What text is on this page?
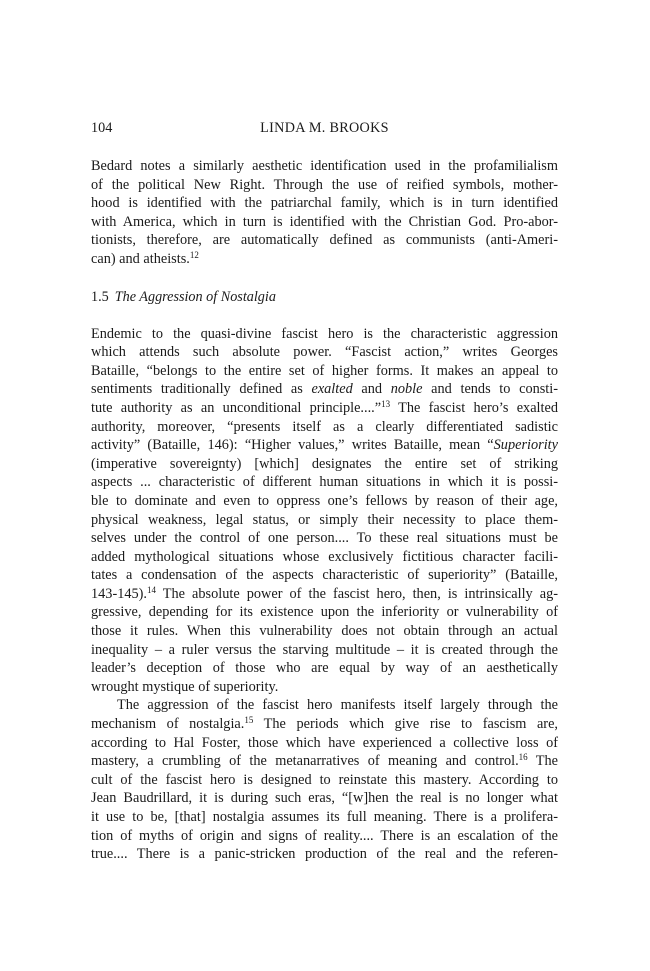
104	LINDA M. BROOKS
Bedard notes a similarly aesthetic identification used in the profamilialism
of the political New Right. Through the use of reified symbols, mother-
hood is identified with the patriarchal family, which is in turn identified
with America, which in turn is identified with the Christian God. Pro-abor-
tionists, therefore, are automatically defined as communists (anti-Ameri-
can) and atheists.$^{12}$
1.5 The Aggression of Nostalgia
Endemic to the quasi-divine fascist hero is the characteristic aggression
which attends such absolute power. “Fascist action,” writes Georges
Bataille, “belongs to the entire set of higher forms. It makes an appeal to
sentiments traditionally defined as exalted and noble and tends to consti-
tute authority as an unconditional principle....”$^{13}$ The fascist hero’s exalted
authority, moreover, “presents itself as a clearly differentiated sadistic
activity” (Bataille, 146): “Higher values,” writes Bataille, mean “Superiority
(imperative sovereignty) [which] designates the entire set of striking
aspects ... characteristic of different human situations in which it is possi-
ble to dominate and even to oppress one’s fellows by reason of their age,
physical weakness, legal status, or simply their necessity to place them-
selves under the control of one person.... To these real situations must be
added mythological situations whose exclusively fictitious character facili-
tates a condensation of the aspects characteristic of superiority” (Bataille,
143-145).$^{14}$ The absolute power of the fascist hero, then, is intrinsically ag-
gressive, depending for its existence upon the inferiority or vulnerability of
those it rules. When this vulnerability does not obtain through an actual
inequality – a ruler versus the starving multitude – it is created through the
leader’s deception of those who are equal by way of an aesthetically
wrought mystique of superiority.
The aggression of the fascist hero manifests itself largely through the
mechanism of nostalgia.$^{15}$ The periods which give rise to fascism are,
according to Hal Foster, those which have experienced a collective loss of
mastery, a crumbling of the metanarratives of meaning and control.$^{16}$ The
cult of the fascist hero is designed to reinstate this mastery. According to
Jean Baudrillard, it is during such eras, “[w]hen the real is no longer what
it use to be, [that] nostalgia assumes its full meaning. There is a prolifera-
tion of myths of origin and signs of reality.... There is an escalation of the
true.... There is a panic-stricken production of the real and the referen-
